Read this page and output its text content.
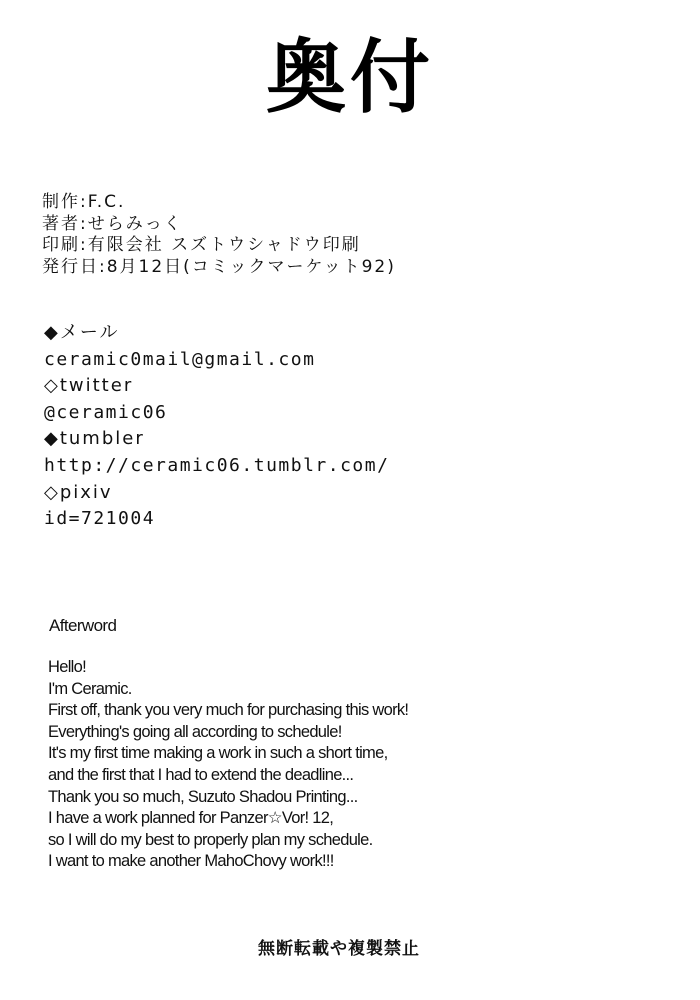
奥付
制作:F.C.
著者:せらみっく
印刷:有限会社 スズトウシャドウ印刷
発行日:8月12日(コミックマーケット92)
◆メール
ceramic0mail@gmail.com
◇twitter
@ceramic06
◆tumbler
http://ceramic06.tumblr.com/
◇pixiv
id=721004
Afterword
Hello!
I'm Ceramic.
First off, thank you very much for purchasing this work!
Everything's going all according to schedule!
It's my first time making a work in such a short time,
and the first that I had to extend the deadline...
Thank you so much, Suzuto Shadou Printing...
I have a work planned for Panzer☆Vor! 12,
so I will do my best to properly plan my schedule.
I want to make another MahoChovy work!!!
無断転載や複製禁止
